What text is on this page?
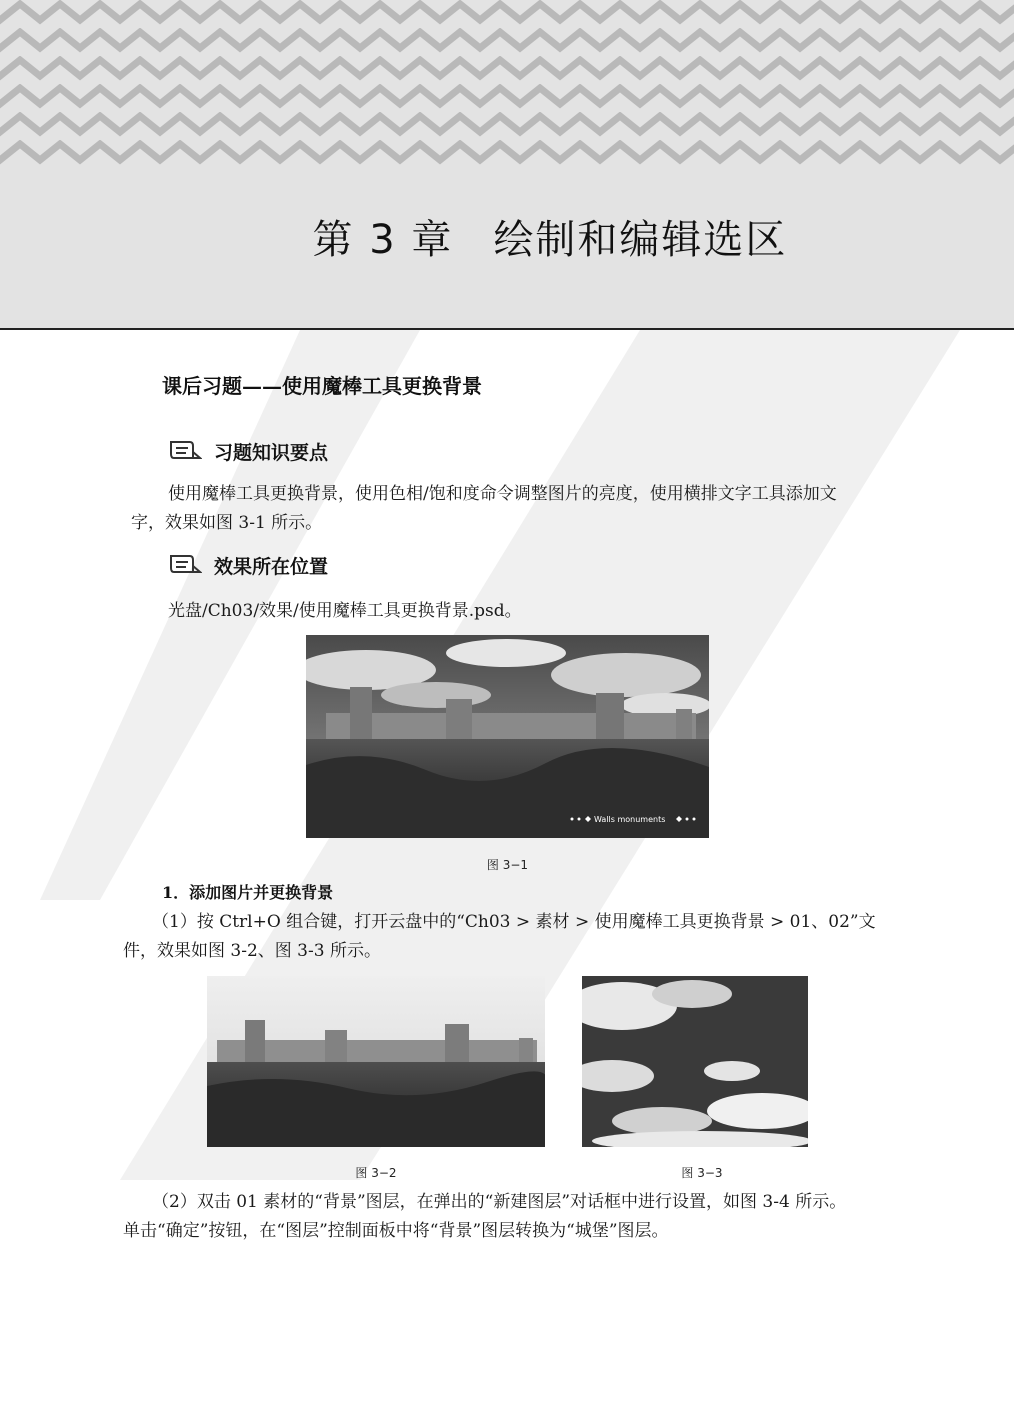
第 3 章 绘制和编辑选区
课后习题——使用魔棒工具更换背景
习题知识要点
使用魔棒工具更换背景，使用色相/饱和度命令调整图片的亮度，使用横排文字工具添加文
字，效果如图 3-1 所示。
效果所在位置
光盘/Ch03/效果/使用魔棒工具更换背景.psd。
Walls monuments
图 3−1
1．添加图片并更换背景
（1）按 Ctrl+O 组合键，打开云盘中的“Ch03 > 素材 > 使用魔棒工具更换背景 > 01、02”文
件，效果如图 3-2、图 3-3 所示。
图 3−2	图 3−3
（2）双击 01 素材的“背景”图层，在弹出的“新建图层”对话框中进行设置，如图 3-4 所示。
单击“确定”按钮，在“图层”控制面板中将“背景”图层转换为“城堡”图层。
